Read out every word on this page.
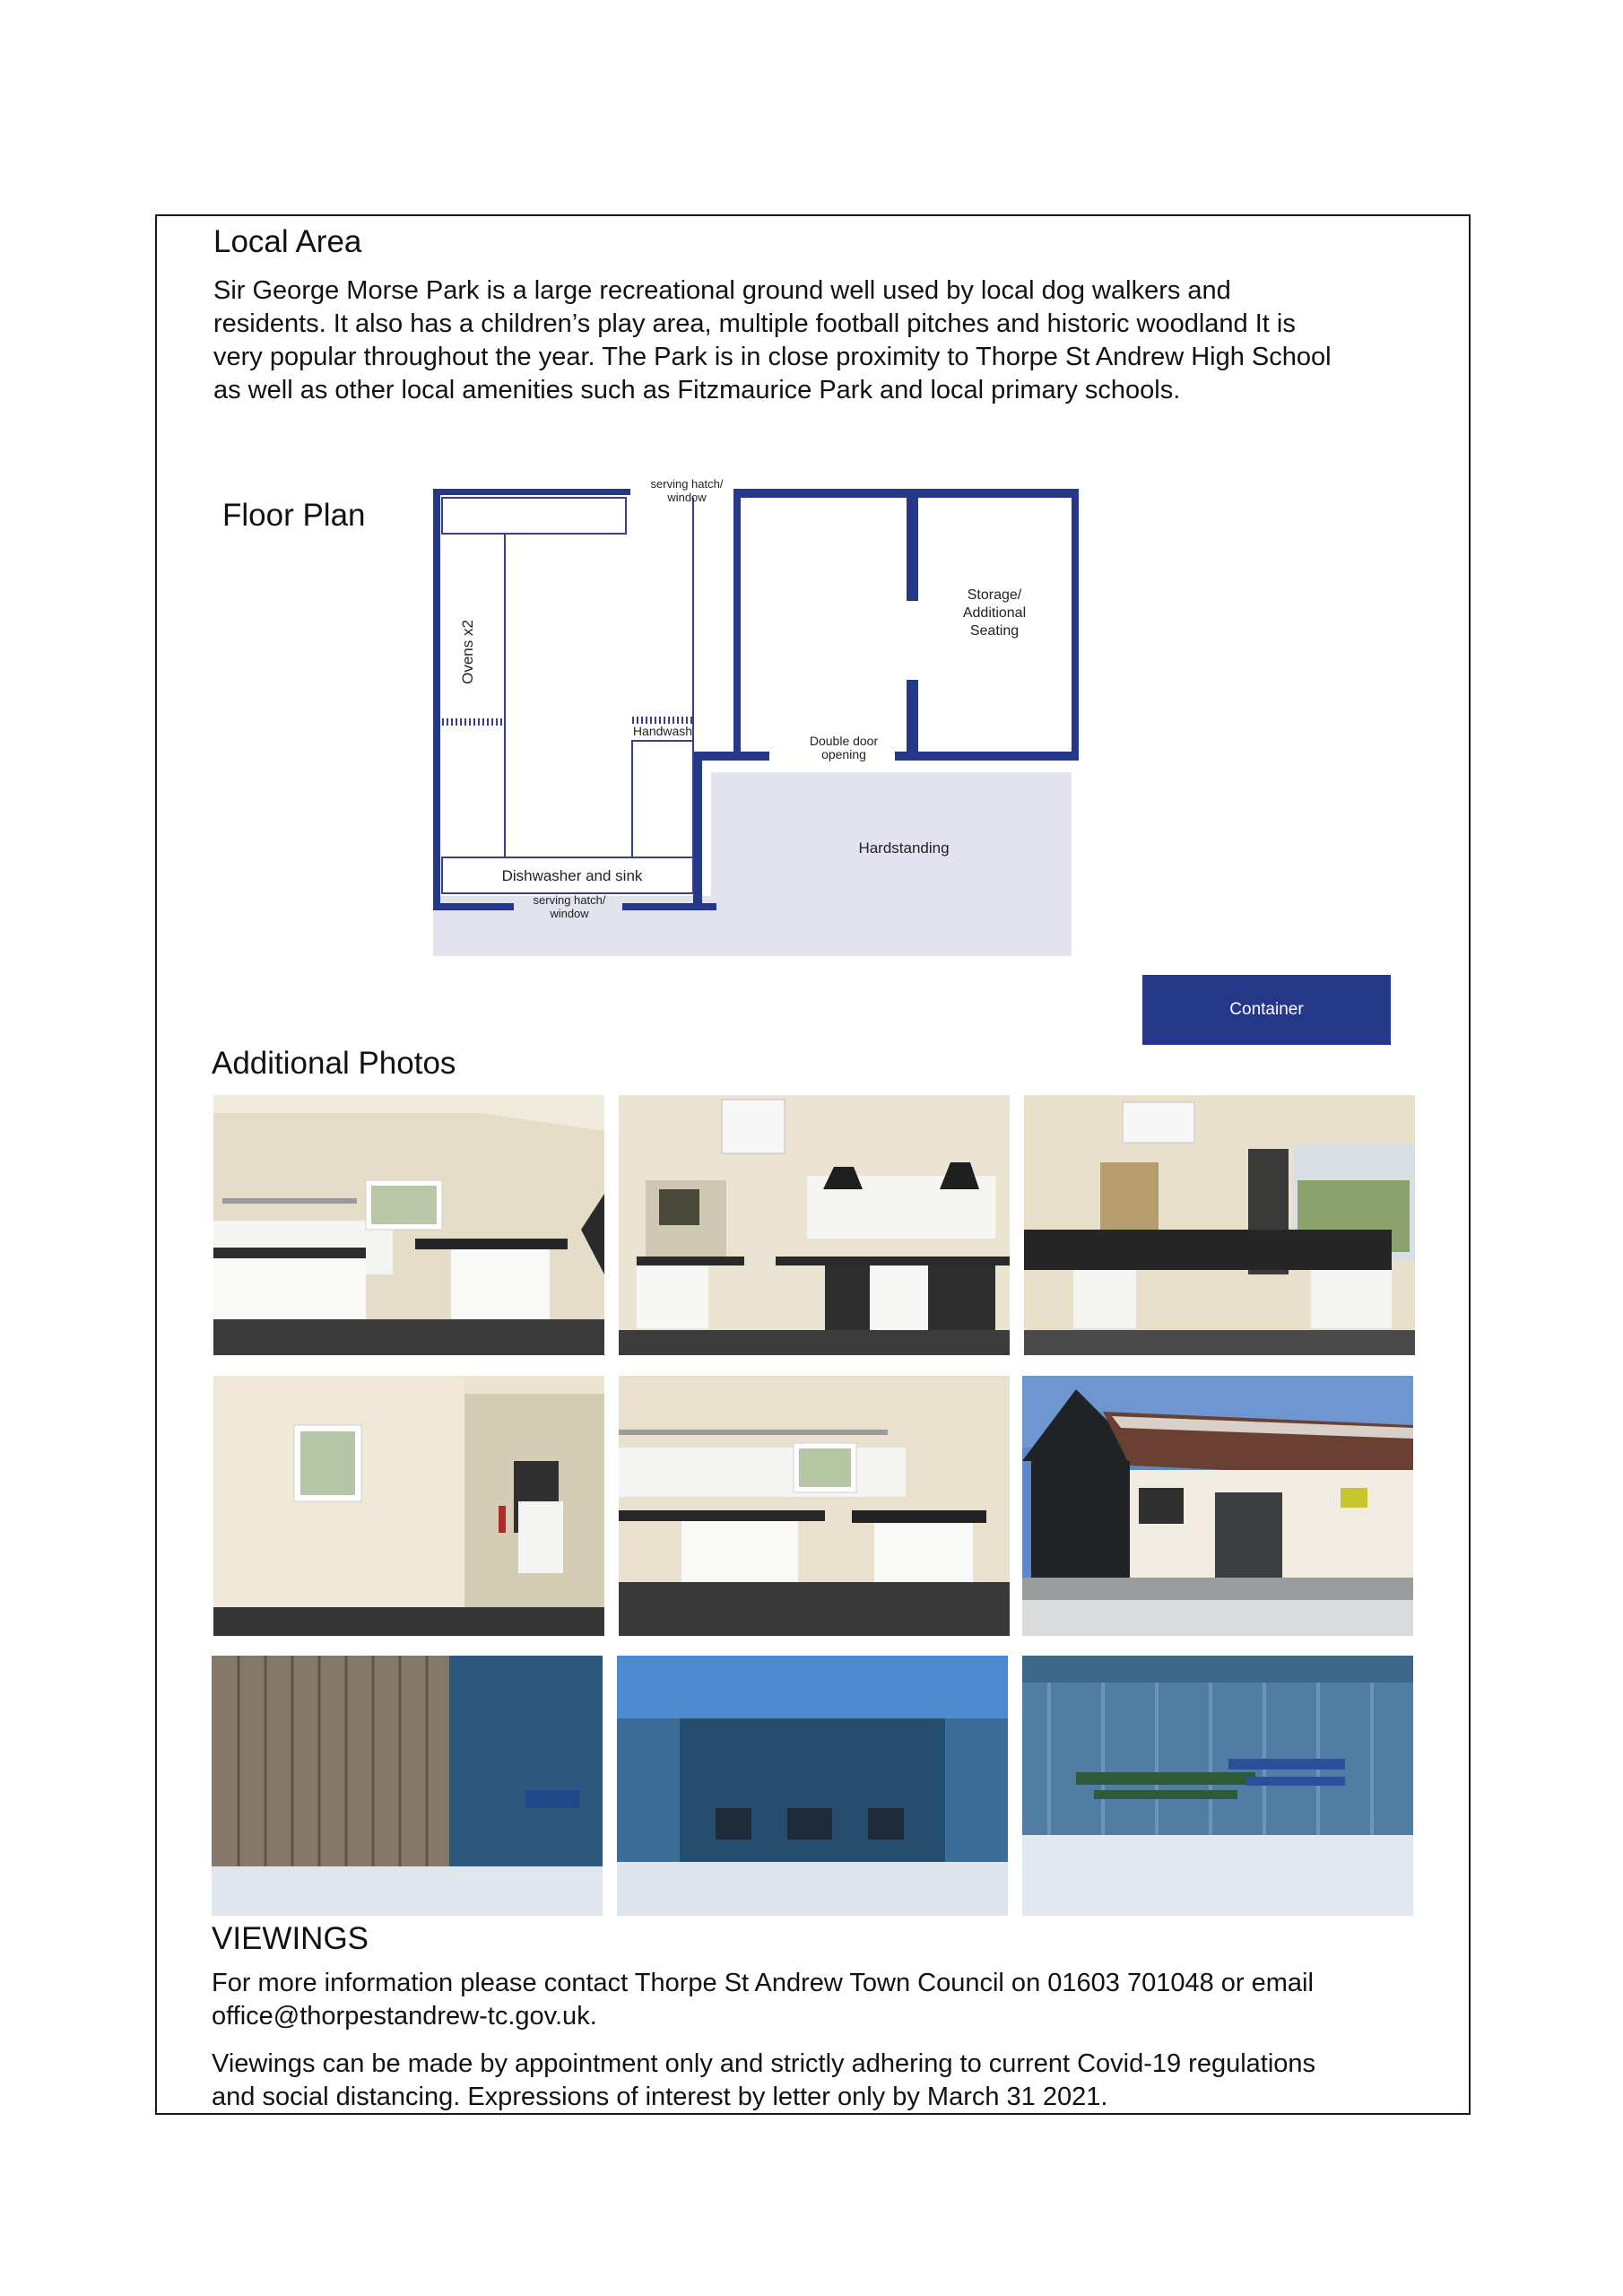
Local Area

Sir George Morse Park is a large recreational ground well used by local dog walkers and

residents. It also has a children’s play area, multiple football pitches and historic woodland It is

very popular throughout the year. The Park is in close proximity to Thorpe St Andrew High School

as well as other local amenities such as Fitzmaurice Park and local primary schools.

Floor Plan
serving hatch/
window
Ovens x2
Handwash
Dishwasher and sink
serving hatch/
window
Storage/
Additional
Seating
Double door
opening
Hardstanding
Container
Additional Photos
VIEWINGS

For more information please contact Thorpe St Andrew Town Council on 01603 701048 or email

office@thorpestandrew-tc.gov.uk.

Viewings can be made by appointment only and strictly adhering to current Covid-19 regulations

and social distancing. Expressions of interest by letter only by March 31 2021.
